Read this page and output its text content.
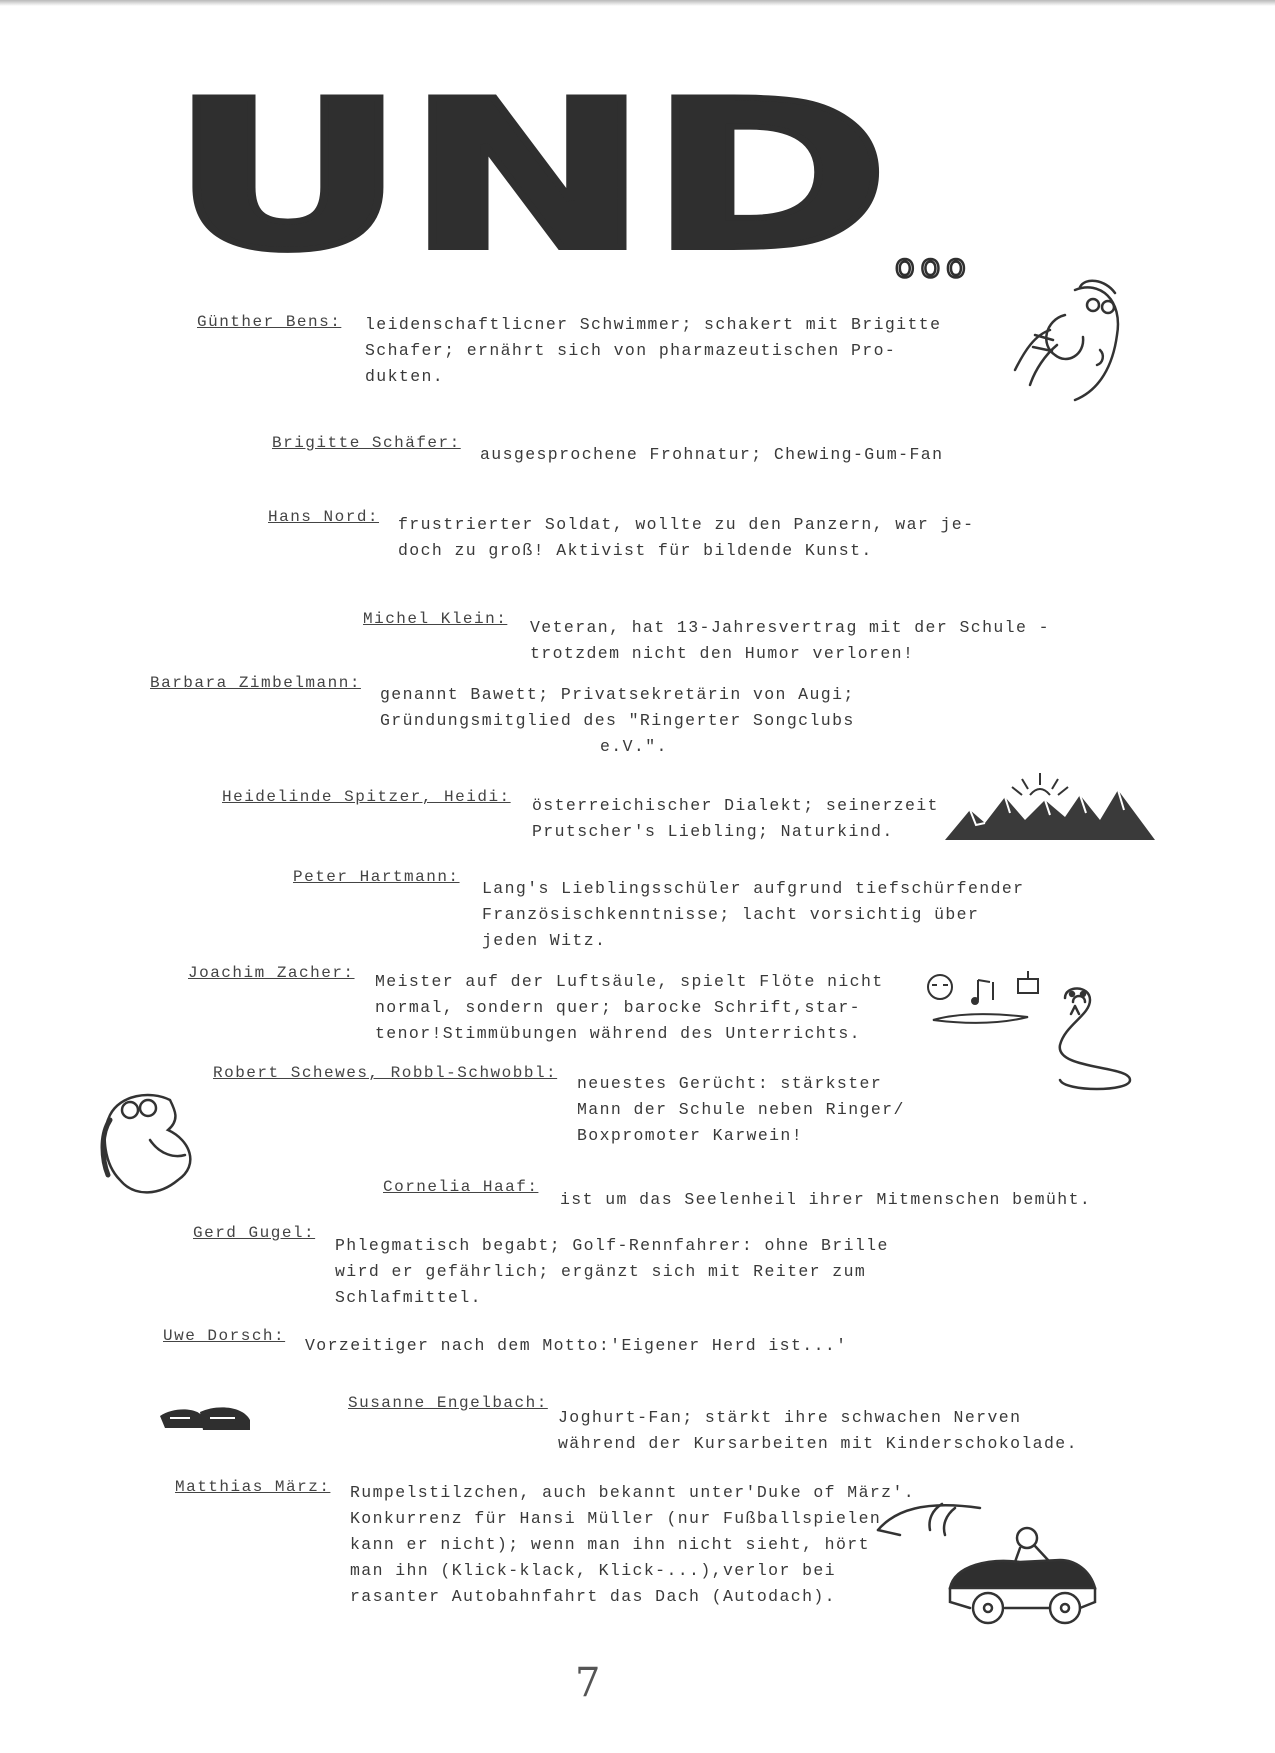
UND ooo
Günther Bens: leidenschaftlicner Schwimmer; schakert mit Brigitte
Schafer; ernährt sich von pharmazeutischen Pro-
dukten.
Brigitte Schäfer:
ausgesprochene Frohnatur; Chewing-Gum-Fan
Hans Nord: frustrierter Soldat, wollte zu den Panzern, war je-
doch zu groß! Aktivist für bildende Kunst.
Michel Klein: Veteran, hat 13-Jahresvertrag mit der Schule -
trotzdem nicht den Humor verloren!
Barbara Zimbelmann:
genannt Bawett; Privatsekretärin von Augi;
Gründungsmitglied des "Ringerter Songclubs
e.V.".
Heidelinde Spitzer, Heidi: österreichischer Dialekt; seinerzeit
Prutscher's Liebling; Naturkind.
Peter Hartmann:
Lang's Lieblingsschüler aufgrund tiefschürfender
Französischkenntnisse; lacht vorsichtig über
jeden Witz.
Joachim Zacher: Meister auf der Luftsäule, spielt Flöte nicht
normal, sondern quer; barocke Schrift,star-
tenor!Stimmübungen während des Unterrichts.
Robert Schewes, Robbl-Schwobbl:
neuestes Gerücht: stärkster
Mann der Schule neben Ringer/
Boxpromoter Karwein!
Cornelia Haaf:
ist um das Seelenheil ihrer Mitmenschen bemüht.
Gerd Gugel:
Phlegmatisch begabt; Golf-Rennfahrer: ohne Brille
wird er gefährlich; ergänzt sich mit Reiter zum
Schlafmittel.
Uwe Dorsch: Vorzeitiger nach dem Motto:'Eigener Herd ist...'
Susanne Engelbach:
Joghurt-Fan; stärkt ihre schwachen Nerven
während der Kursarbeiten mit Kinderschokolade.
Matthias März: Rumpelstilzchen, auch bekannt unter'Duke of März'.
Konkurrenz für Hansi Müller (nur Fußballspielen
kann er nicht); wenn man ihn nicht sieht, hört
man ihn (Klick-klack, Klick-...),verlor bei
rasanter Autobahnfahrt das Dach (Autodach).
7
